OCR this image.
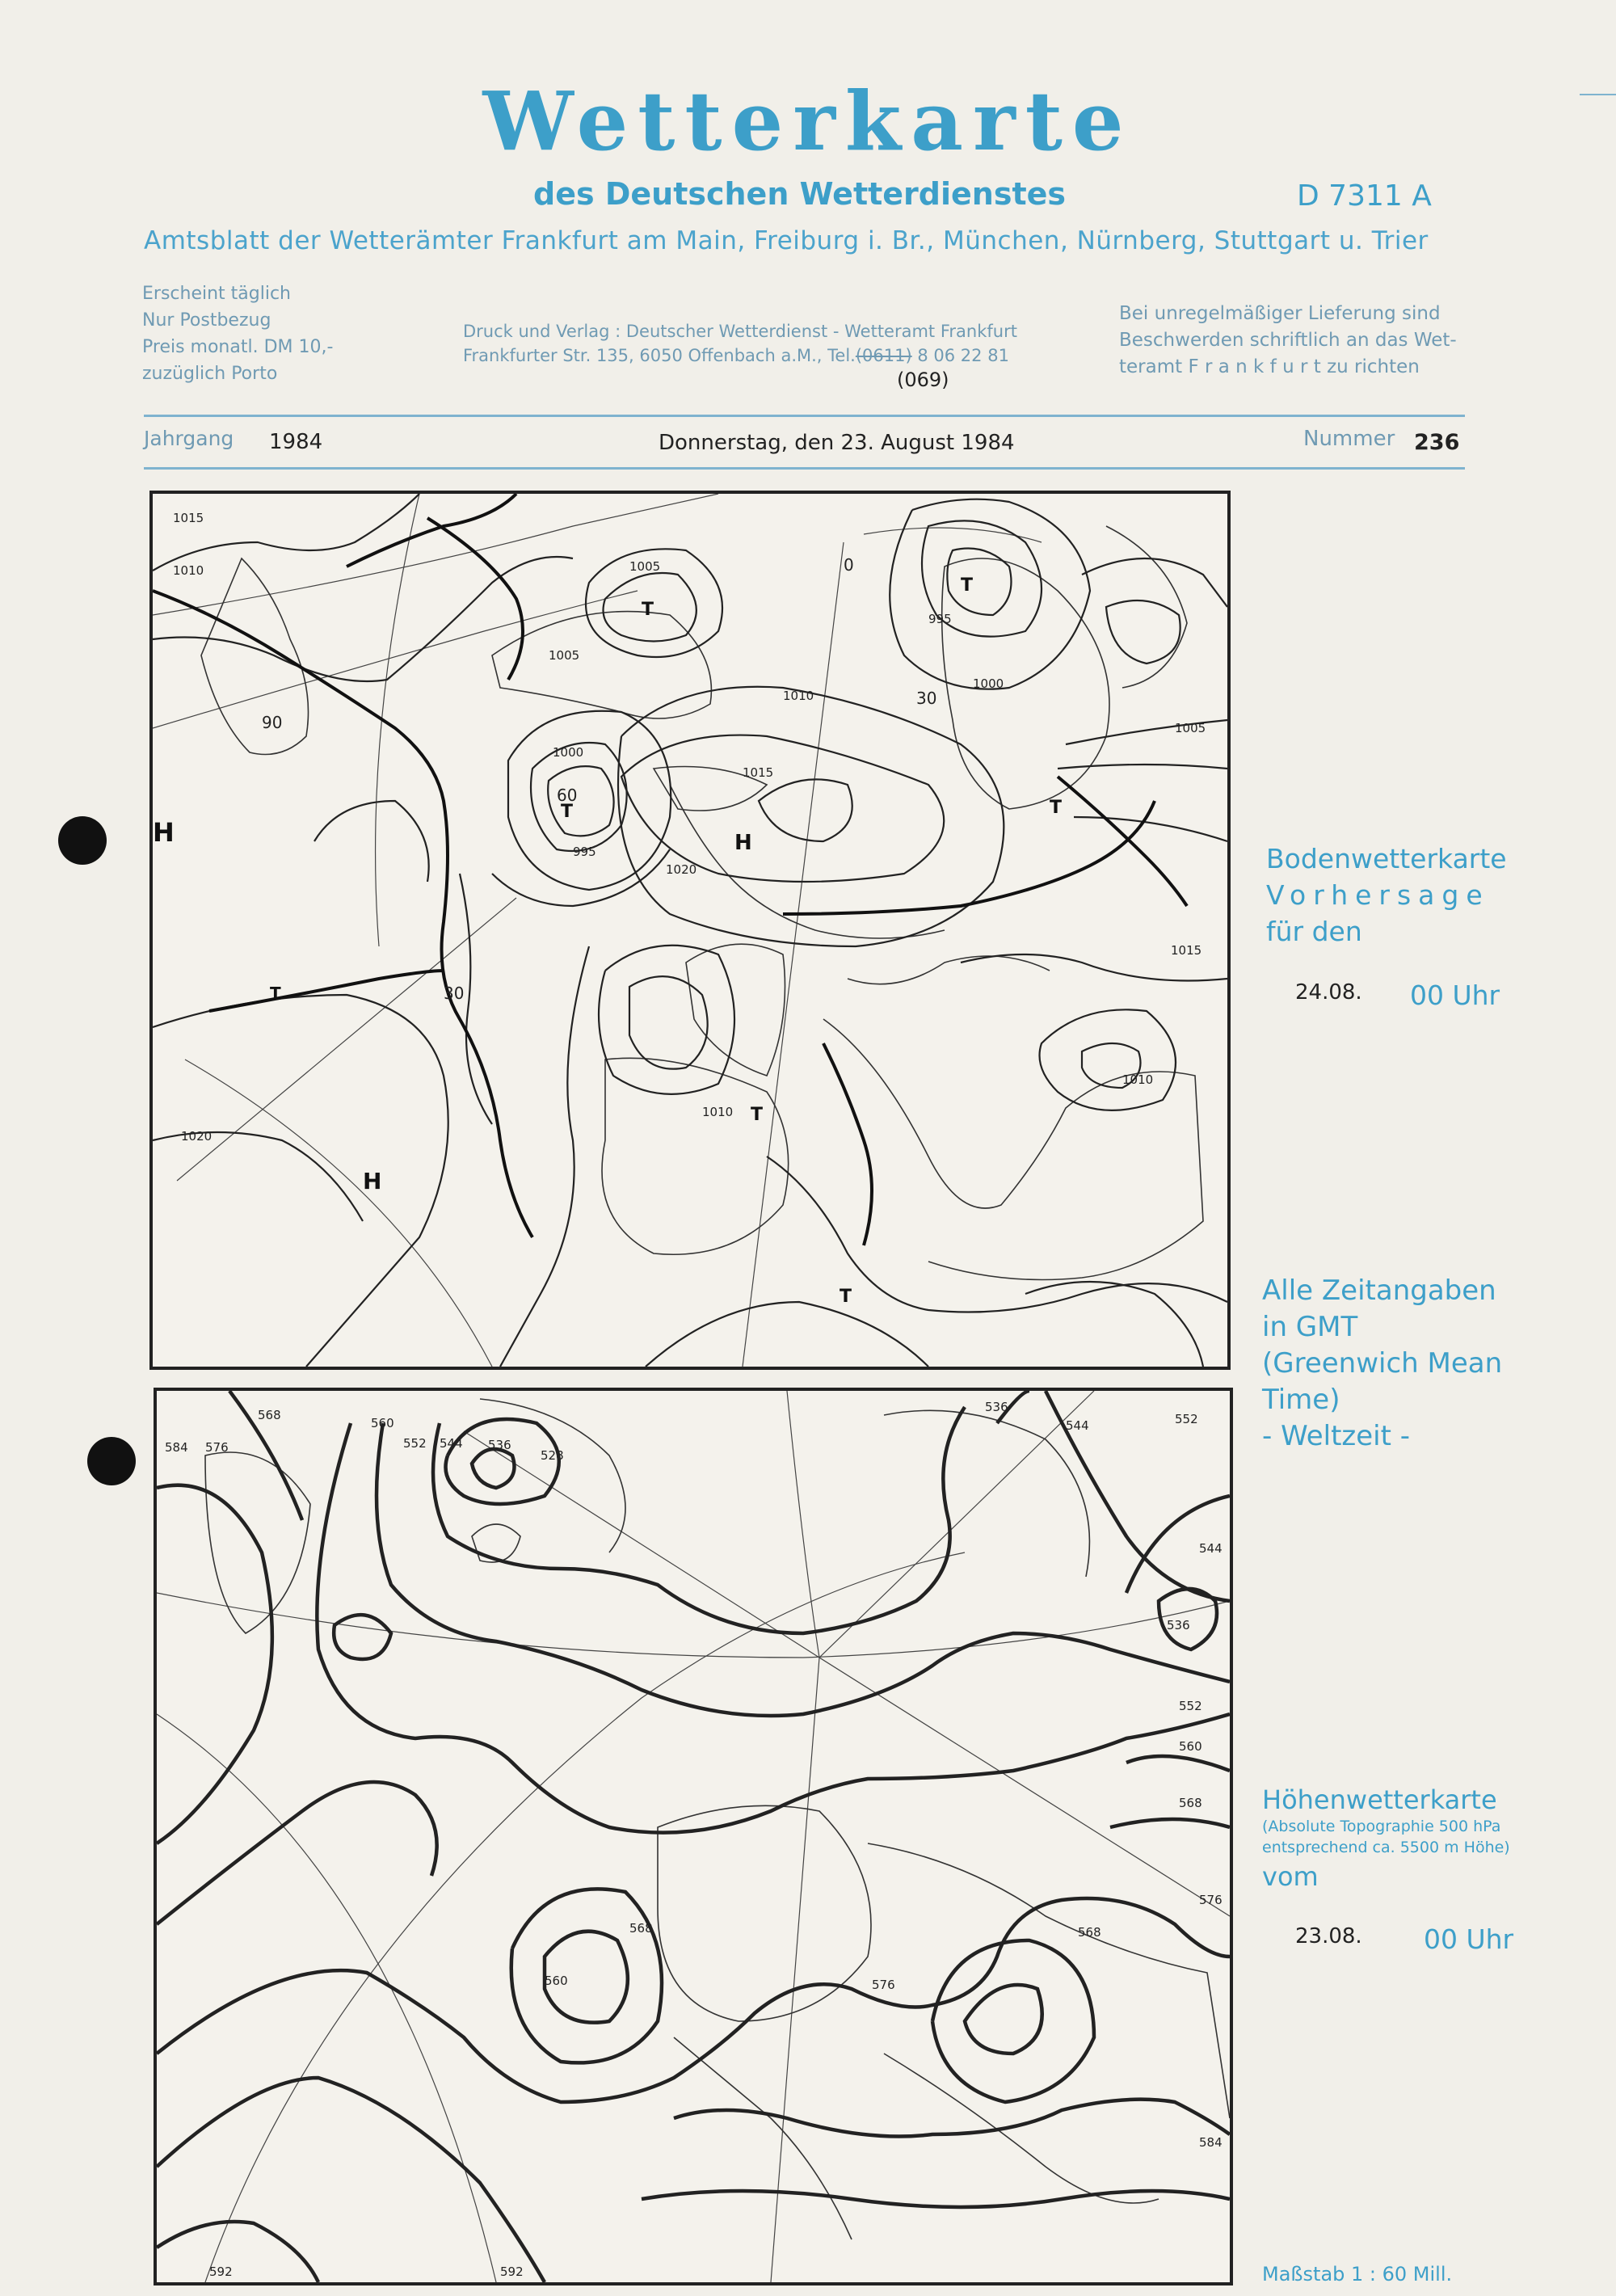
Wetterkarte
des Deutschen Wetterdienstes	D 7311 A
Amtsblatt der Wetterämter Frankfurt am Main, Freiburg i. Br., München, Nürnberg, Stuttgart u. Trier
Erscheint täglich
Nur Postbezug
Preis monatl. DM 10,-
zuzüglich Porto
Druck und Verlag : Deutscher Wetterdienst - Wetteramt Frankfurt
Frankfurter Str. 135, 6050 Offenbach a.M., Tel.(0611) 8 06 22 81
(069)
Bei unregelmäßiger Lieferung sind
Beschwerden schriftlich an das Wet-
teramt F r a n k f u r t zu richten
Jahrgang 1984	Donnerstag, den 23. August 1984	Nummer 236
1015
1010	1005
1000
995
1020
1015
1010
1005
1000
995
1020
1010
1015
1005
1010
H
T
T
T
H
H
T
T
T
T
90
0
30
60
30
568
560
552 544 536
528
584 576
536
544	552
544
536
552
560
568
576
584
592	592
568
560	576
568
Bodenwetterkarte
Vorhersage
für den
24.08. 00 Uhr
Alle Zeitangaben
in GMT
(Greenwich Mean
Time)
- Weltzeit -
Höhenwetterkarte
(Absolute Topographie 500 hPa
entsprechend ca. 5500 m Höhe)
vom
23.08. 00 Uhr
Maßstab 1 : 60 Mill.
